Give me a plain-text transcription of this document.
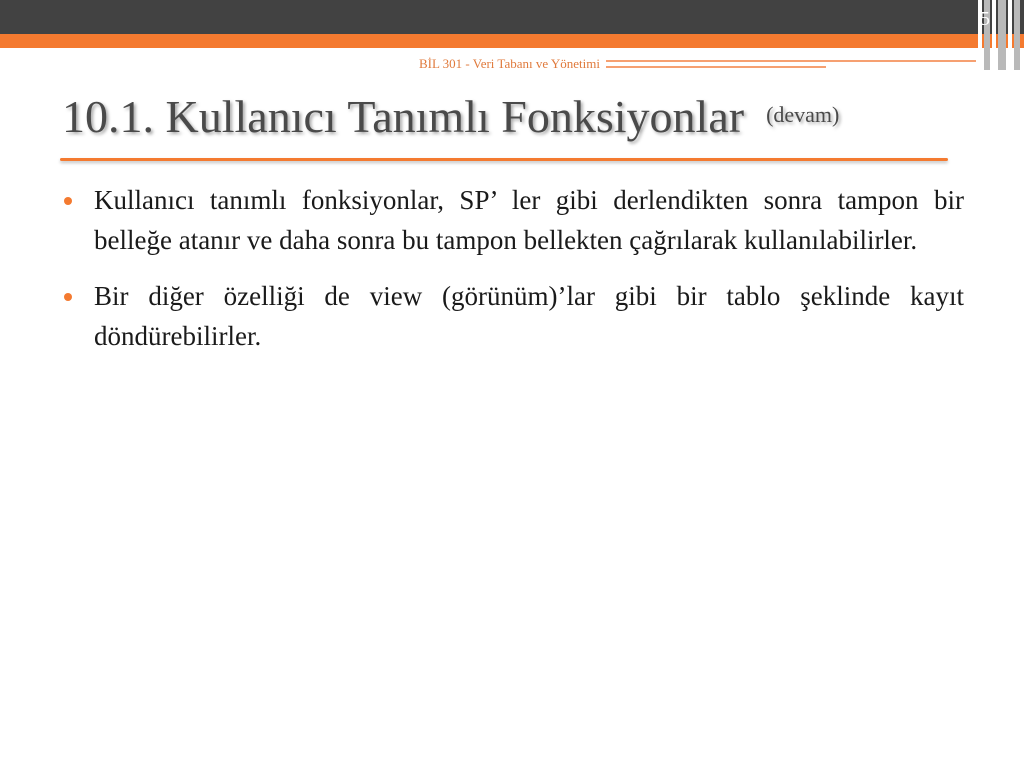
5
BİL 301 - Veri Tabanı ve Yönetimi
10.1. Kullanıcı Tanımlı Fonksiyonlar $^{(devam)}$
Kullanıcı tanımlı fonksiyonlar, SP’ ler gibi derlendikten sonra tampon bir belleğe atanır ve daha sonra bu tampon bellekten çağrılarak kullanılabilirler.
Bir diğer özelliği de view (görünüm)’lar gibi bir tablo şeklinde kayıt döndürebilirler.
